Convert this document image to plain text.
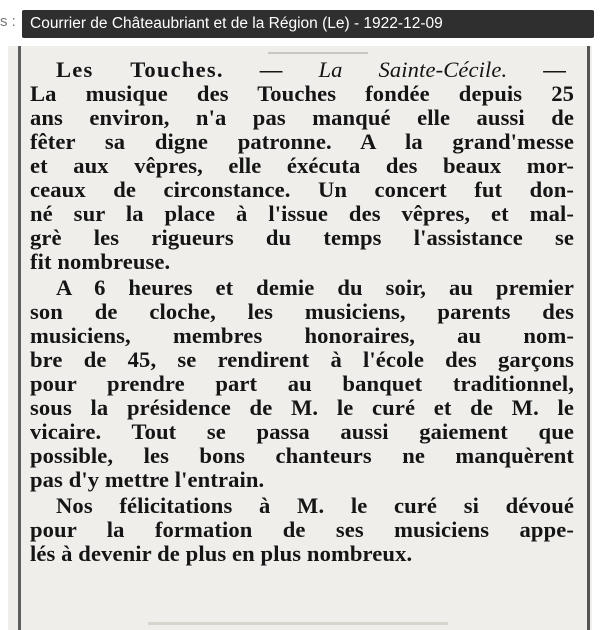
s : Courrier de Châteaubriant et de la Région (Le) - 1922-12-09
Les Touches. — La Sainte-Cécile. —
La musique des Touches fondée depuis 25
ans environ, n'a pas manqué elle aussi de
fêter sa digne patronne. A la grand'messe
et aux vêpres, elle éxécuta des beaux mor-
ceaux de circonstance. Un concert fut don-
né sur la place à l'issue des vêpres, et mal-
grè les rigueurs du temps l'assistance se
fit nombreuse.
A 6 heures et demie du soir, au premier
son de cloche, les musiciens, parents des
musiciens, membres honoraires, au nom-
bre de 45, se rendirent à l'école des garçons
pour prendre part au banquet traditionnel,
sous la présidence de M. le curé et de M. le
vicaire. Tout se passa aussi gaiement que
possible, les bons chanteurs ne manquèrent
pas d'y mettre l'entrain.
Nos félicitations à M. le curé si dévoué
pour la formation de ses musiciens appe-
lés à devenir de plus en plus nombreux.
